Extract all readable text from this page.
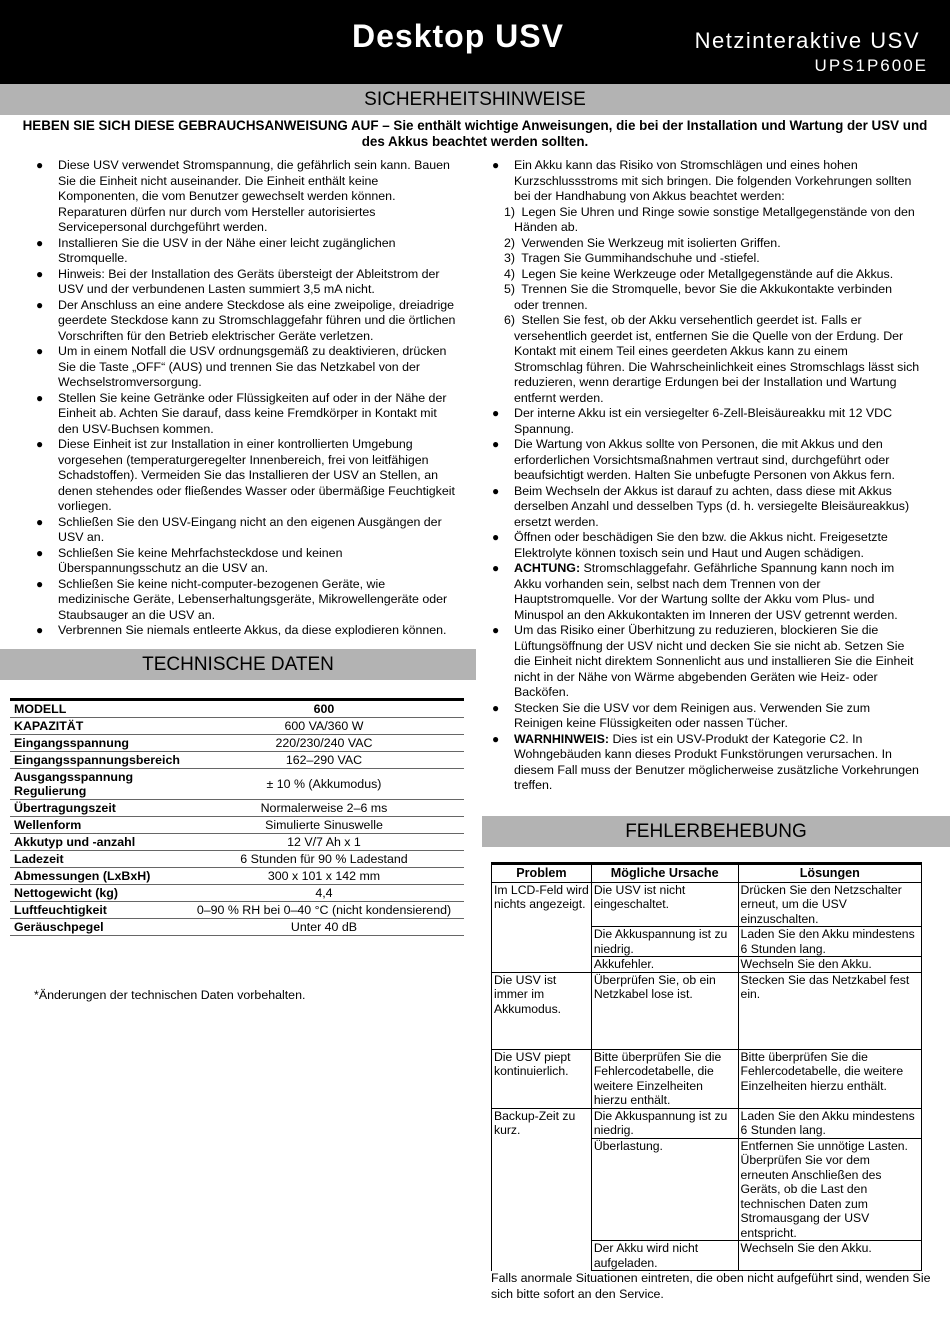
Desktop USV	Netzinteraktive USV
UPS1P600E
SICHERHEITSHINWEISE
HEBEN SIE SICH DIESE GEBRAUCHSANWEISUNG AUF – Sie enthält wichtige Anweisungen, die bei der Installation und Wartung der USV und des Akkus beachtet werden sollten.
● Diese USV verwendet Stromspannung, die gefährlich sein kann. Bauen Sie die Einheit nicht auseinander. Die Einheit enthält keine Komponenten, die vom Benutzer gewechselt werden können. Reparaturen dürfen nur durch vom Hersteller autorisiertes Servicepersonal durchgeführt werden.
● Installieren Sie die USV in der Nähe einer leicht zugänglichen Stromquelle.
● Hinweis: Bei der Installation des Geräts übersteigt der Ableitstrom der USV und der verbundenen Lasten summiert 3,5 mA nicht.
● Der Anschluss an eine andere Steckdose als eine zweipolige, dreiadrige geerdete Steckdose kann zu Stromschlaggefahr führen und die örtlichen Vorschriften für den Betrieb elektrischer Geräte verletzen.
● Um in einem Notfall die USV ordnungsgemäß zu deaktivieren, drücken Sie die Taste „OFF“ (AUS) und trennen Sie das Netzkabel von der Wechselstromversorgung.
● Stellen Sie keine Getränke oder Flüssigkeiten auf oder in der Nähe der Einheit ab. Achten Sie darauf, dass keine Fremdkörper in Kontakt mit den USV-Buchsen kommen.
● Diese Einheit ist zur Installation in einer kontrollierten Umgebung vorgesehen (temperaturgeregelter Innenbereich, frei von leitfähigen Schadstoffen). Vermeiden Sie das Installieren der USV an Stellen, an denen stehendes oder fließendes Wasser oder übermäßige Feuchtigkeit vorliegen.
● Schließen Sie den USV-Eingang nicht an den eigenen Ausgängen der USV an.
● Schließen Sie keine Mehrfachsteckdose und keinen Überspannungsschutz an die USV an.
● Schließen Sie keine nicht-computer-bezogenen Geräte, wie medizinische Geräte, Lebenserhaltungsgeräte, Mikrowellengeräte oder Staubsauger an die USV an.
● Verbrennen Sie niemals entleerte Akkus, da diese explodieren können.
TECHNISCHE DATEN
MODELL	600
KAPAZITÄT	600 VA/360 W
Eingangsspannung	220/230/240 VAC
Eingangsspannungsbereich	162–290 VAC
Ausgangsspannung Regulierung	± 10 % (Akkumodus)
Übertragungszeit	Normalerweise 2–6 ms
Wellenform	Simulierte Sinuswelle
Akkutyp und -anzahl	12 V/7 Ah x 1
Ladezeit	6 Stunden für 90 % Ladestand
Abmessungen (LxBxH)	300 x 101 x 142 mm
Nettogewicht (kg)	4,4
Luftfeuchtigkeit	0–90 % RH bei 0–40 °C (nicht kondensierend)
Geräuschpegel	Unter 40 dB
*Änderungen der technischen Daten vorbehalten.
● Ein Akku kann das Risiko von Stromschlägen und eines hohen Kurzschlussstroms mit sich bringen. Die folgenden Vorkehrungen sollten bei der Handhabung von Akkus beachtet werden:
1) Legen Sie Uhren und Ringe sowie sonstige Metallgegenstände von den Händen ab.
2) Verwenden Sie Werkzeug mit isolierten Griffen.
3) Tragen Sie Gummihandschuhe und -stiefel.
4) Legen Sie keine Werkzeuge oder Metallgegenstände auf die Akkus.
5) Trennen Sie die Stromquelle, bevor Sie die Akkukontakte verbinden oder trennen.
6) Stellen Sie fest, ob der Akku versehentlich geerdet ist. Falls er versehentlich geerdet ist, entfernen Sie die Quelle von der Erdung. Der Kontakt mit einem Teil eines geerdeten Akkus kann zu einem Stromschlag führen. Die Wahrscheinlichkeit eines Stromschlags lässt sich reduzieren, wenn derartige Erdungen bei der Installation und Wartung entfernt werden.
● Der interne Akku ist ein versiegelter 6-Zell-Bleisäureakku mit 12 VDC Spannung.
● Die Wartung von Akkus sollte von Personen, die mit Akkus und den erforderlichen Vorsichtsmaßnahmen vertraut sind, durchgeführt oder beaufsichtigt werden. Halten Sie unbefugte Personen von Akkus fern.
● Beim Wechseln der Akkus ist darauf zu achten, dass diese mit Akkus derselben Anzahl und desselben Typs (d. h. versiegelte Bleisäureakkus) ersetzt werden.
● Öffnen oder beschädigen Sie den bzw. die Akkus nicht. Freigesetzte Elektrolyte können toxisch sein und Haut und Augen schädigen.
● ACHTUNG: Stromschlaggefahr. Gefährliche Spannung kann noch im Akku vorhanden sein, selbst nach dem Trennen von der Hauptstromquelle. Vor der Wartung sollte der Akku vom Plus- und Minuspol an den Akkukontakten im Inneren der USV getrennt werden.
● Um das Risiko einer Überhitzung zu reduzieren, blockieren Sie die Lüftungsöffnung der USV nicht und decken Sie sie nicht ab. Setzen Sie die Einheit nicht direktem Sonnenlicht aus und installieren Sie die Einheit nicht in der Nähe von Wärme abgebenden Geräten wie Heiz- oder Backöfen.
● Stecken Sie die USV vor dem Reinigen aus. Verwenden Sie zum Reinigen keine Flüssigkeiten oder nassen Tücher.
● WARNHINWEIS: Dies ist ein USV-Produkt der Kategorie C2. In Wohngebäuden kann dieses Produkt Funkstörungen verursachen. In diesem Fall muss der Benutzer möglicherweise zusätzliche Vorkehrungen treffen.
FEHLERBEHEBUNG
Problem	Mögliche Ursache	Lösungen
Im LCD-Feld wird nichts angezeigt.	Die USV ist nicht eingeschaltet.	Drücken Sie den Netzschalter erneut, um die USV einzuschalten.
	Die Akkuspannung ist zu niedrig.	Laden Sie den Akku mindestens 6 Stunden lang.
	Akkufehler.	Wechseln Sie den Akku.
Die USV ist immer im Akkumodus.	Überprüfen Sie, ob ein Netzkabel lose ist.	Stecken Sie das Netzkabel fest ein.
Die USV piept kontinuierlich.	Bitte überprüfen Sie die Fehlercodetabelle, die weitere Einzelheiten hierzu enthält.	Bitte überprüfen Sie die Fehlercodetabelle, die weitere Einzelheiten hierzu enthält.
Backup-Zeit zu kurz.	Die Akkuspannung ist zu niedrig.	Laden Sie den Akku mindestens 6 Stunden lang.
	Überlastung.	Entfernen Sie unnötige Lasten. Überprüfen Sie vor dem erneuten Anschließen des Geräts, ob die Last den technischen Daten zum Stromausgang der USV entspricht.
	Der Akku wird nicht aufgeladen.	Wechseln Sie den Akku.
Falls anormale Situationen eintreten, die oben nicht aufgeführt sind, wenden Sie sich bitte sofort an den Service.
